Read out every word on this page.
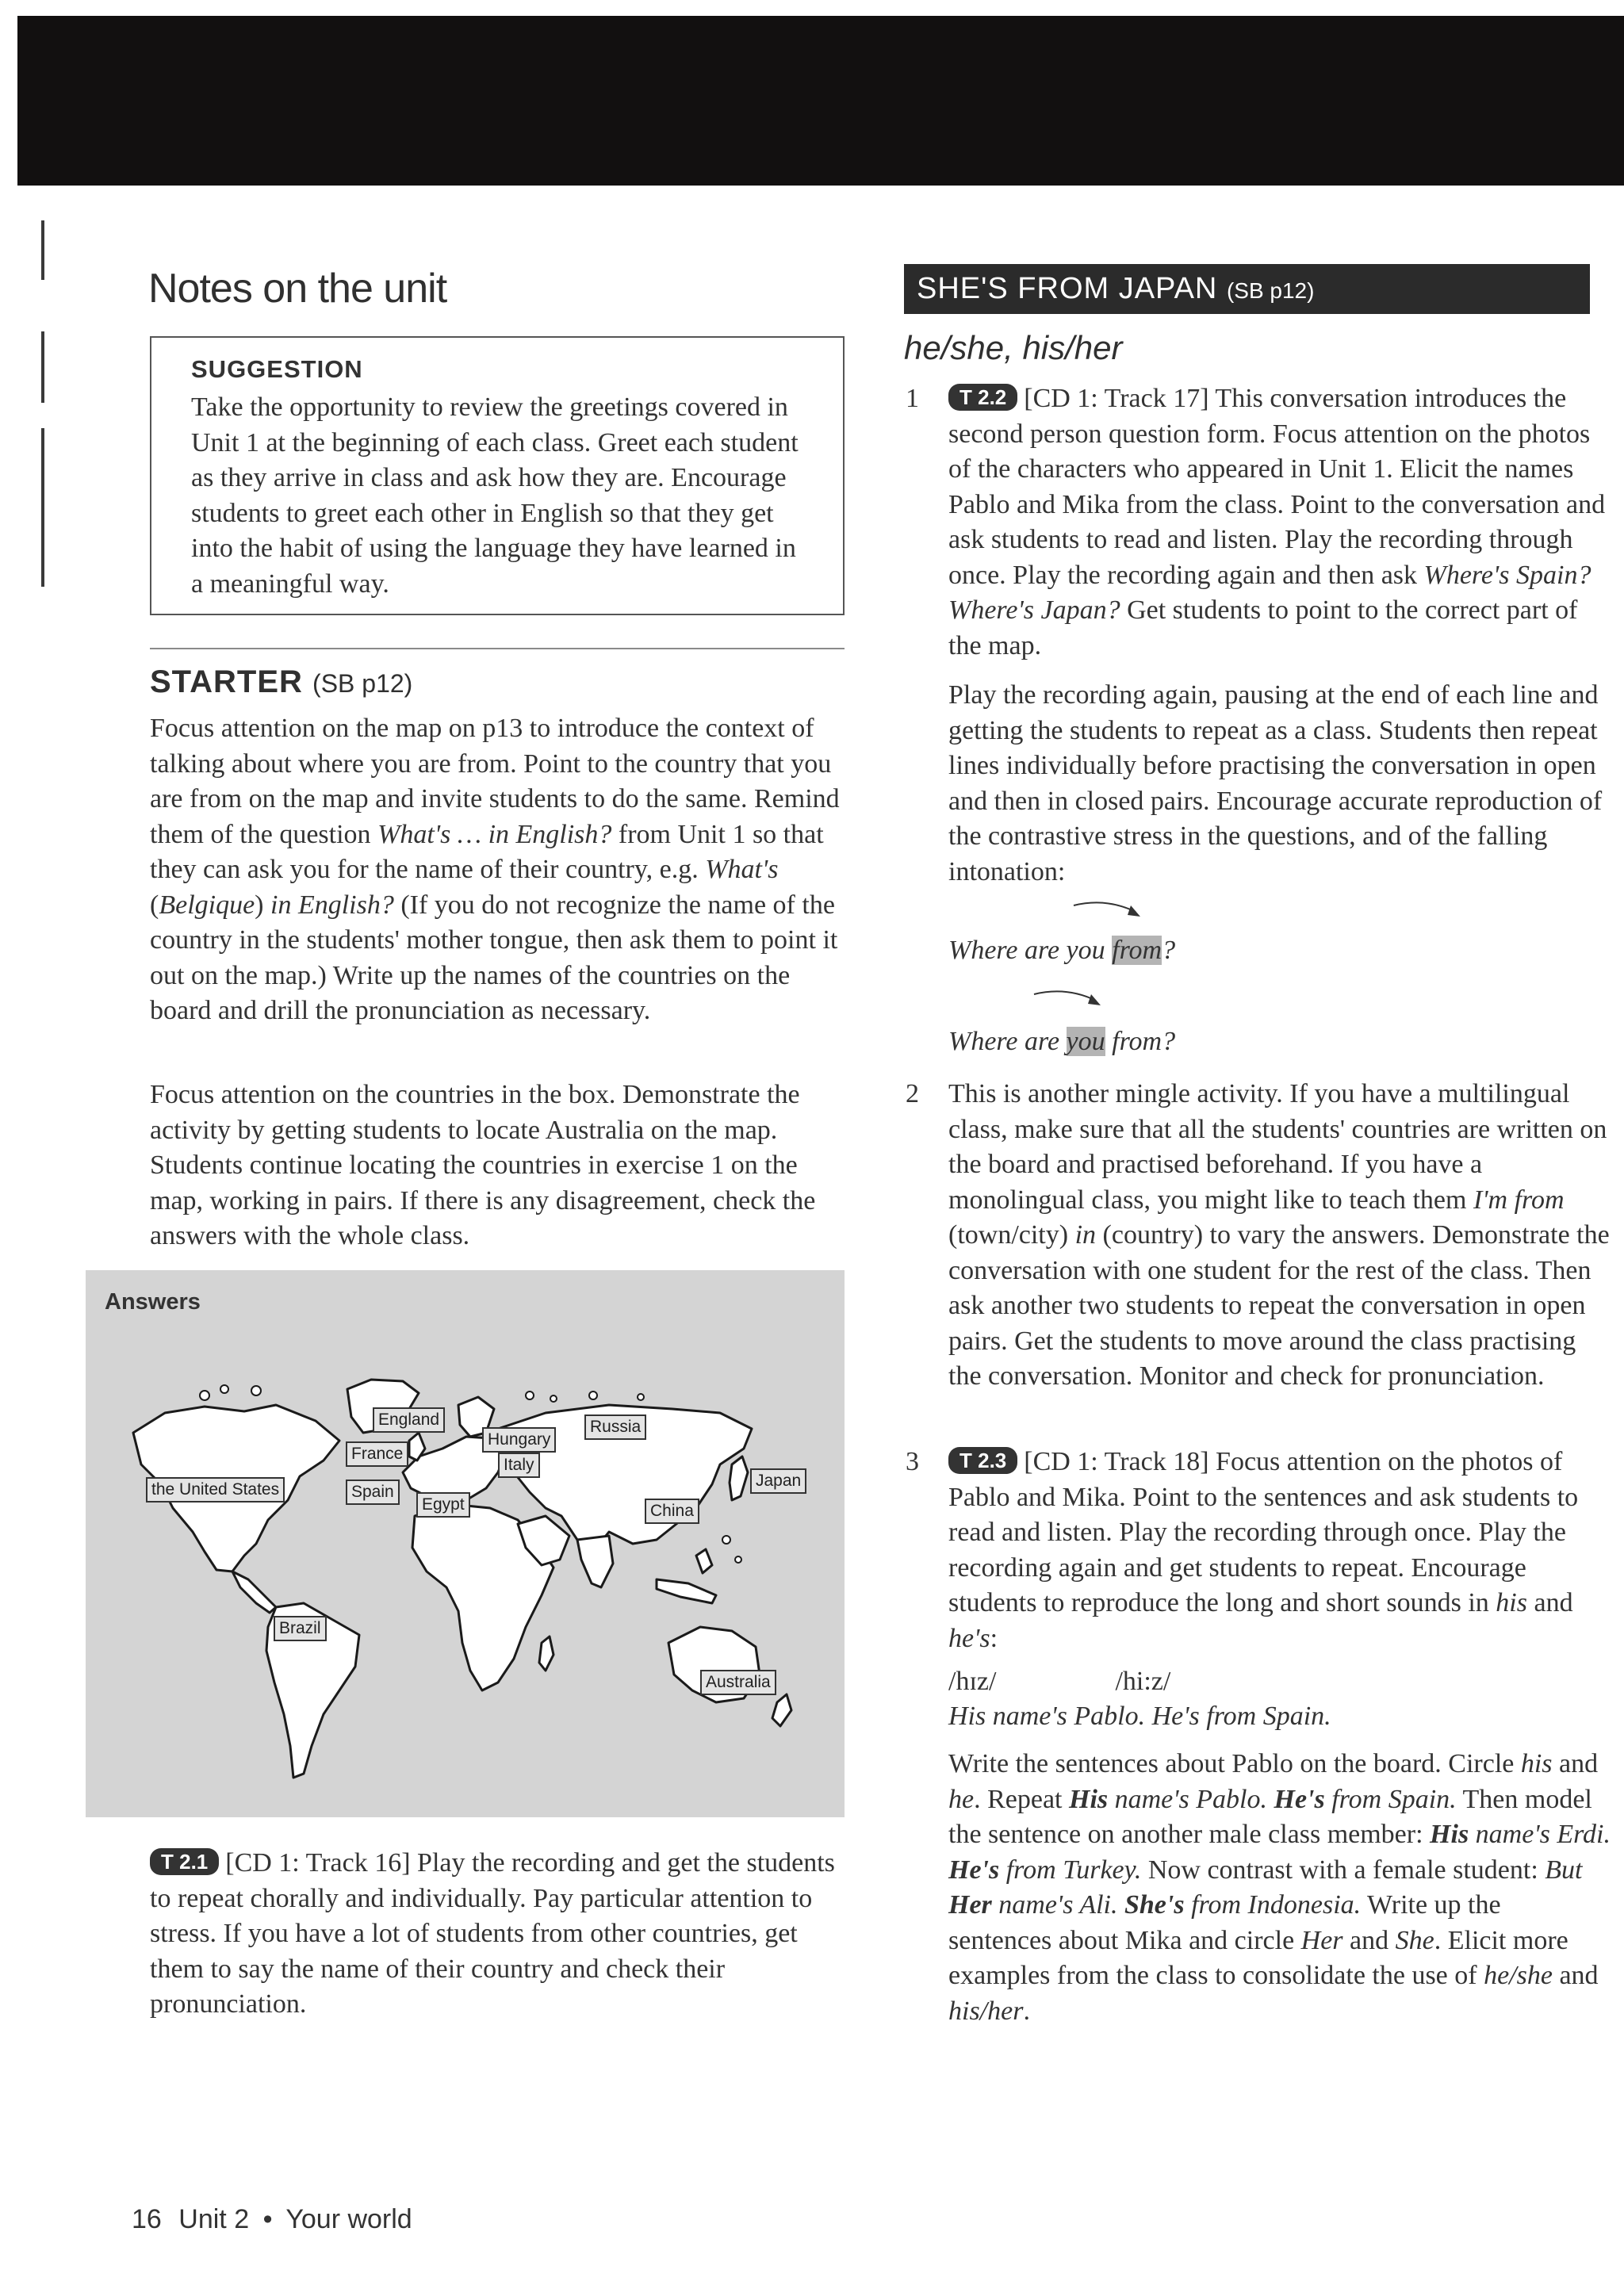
Notes on the unit
SUGGESTION
Take the opportunity to review the greetings covered in Unit 1 at the beginning of each class. Greet each student as they arrive in class and ask how they are. Encourage students to greet each other in English so that they get into the habit of using the language they have learned in a meaningful way.
STARTER (SB p12)
Focus attention on the map on p13 to introduce the context of talking about where you are from. Point to the country that you are from on the map and invite students to do the same. Remind them of the question What's … in English? from Unit 1 so that they can ask you for the name of their country, e.g. What's (Belgique) in English? (If you do not recognize the name of the country in the students' mother tongue, then ask them to point it out on the map.) Write up the names of the countries on the board and drill the pronunciation as necessary.
Focus attention on the countries in the box. Demonstrate the activity by getting students to locate Australia on the map. Students continue locating the countries in exercise 1 on the map, working in pairs. If there is any disagreement, check the answers with the whole class.
Answers
the United States
England
France
Spain
Hungary
Italy
Russia
Japan
China
Egypt
Brazil
Australia
T 2.1 [CD 1: Track 16] Play the recording and get the students to repeat chorally and individually. Pay particular attention to stress. If you have a lot of students from other countries, get them to say the name of their country and check their pronunciation.
SHE'S FROM JAPAN (SB p12)
he/she, his/her
1	T 2.2 [CD 1: Track 17] This conversation introduces the second person question form. Focus attention on the photos of the characters who appeared in Unit 1. Elicit the names Pablo and Mika from the class. Point to the conversation and ask students to read and listen. Play the recording through once. Play the recording again and then ask Where's Spain? Where's Japan? Get students to point to the correct part of the map.
Play the recording again, pausing at the end of each line and getting the students to repeat as a class. Students then repeat lines individually before practising the conversation in open and then in closed pairs. Encourage accurate reproduction of the contrastive stress in the questions, and of the falling intonation:
Where are you from?
Where are you from?
2 This is another mingle activity. If you have a multilingual class, make sure that all the students' countries are written on the board and practised beforehand. If you have a monolingual class, you might like to teach them I'm from (town/city) in (country) to vary the answers. Demonstrate the conversation with one student for the rest of the class. Then ask another two students to repeat the conversation in open pairs. Get the students to move around the class practising the conversation. Monitor and check for pronunciation.
3	T 2.3 [CD 1: Track 18] Focus attention on the photos of Pablo and Mika. Point to the sentences and ask students to read and listen. Play the recording through once. Play the recording again and get students to repeat. Encourage students to reproduce the long and short sounds in his and he's:
/hɪz/	/hi:z/
His name's Pablo. He's from Spain.
Write the sentences about Pablo on the board. Circle his and he. Repeat His name's Pablo. He's from Spain. Then model the sentence on another male class member: His name's Erdi. He's from Turkey. Now contrast with a female student: But Her name's Ali. She's from Indonesia. Write up the sentences about Mika and circle Her and She. Elicit more examples from the class to consolidate the use of he/she and his/her.
16 Unit 2 • Your world
